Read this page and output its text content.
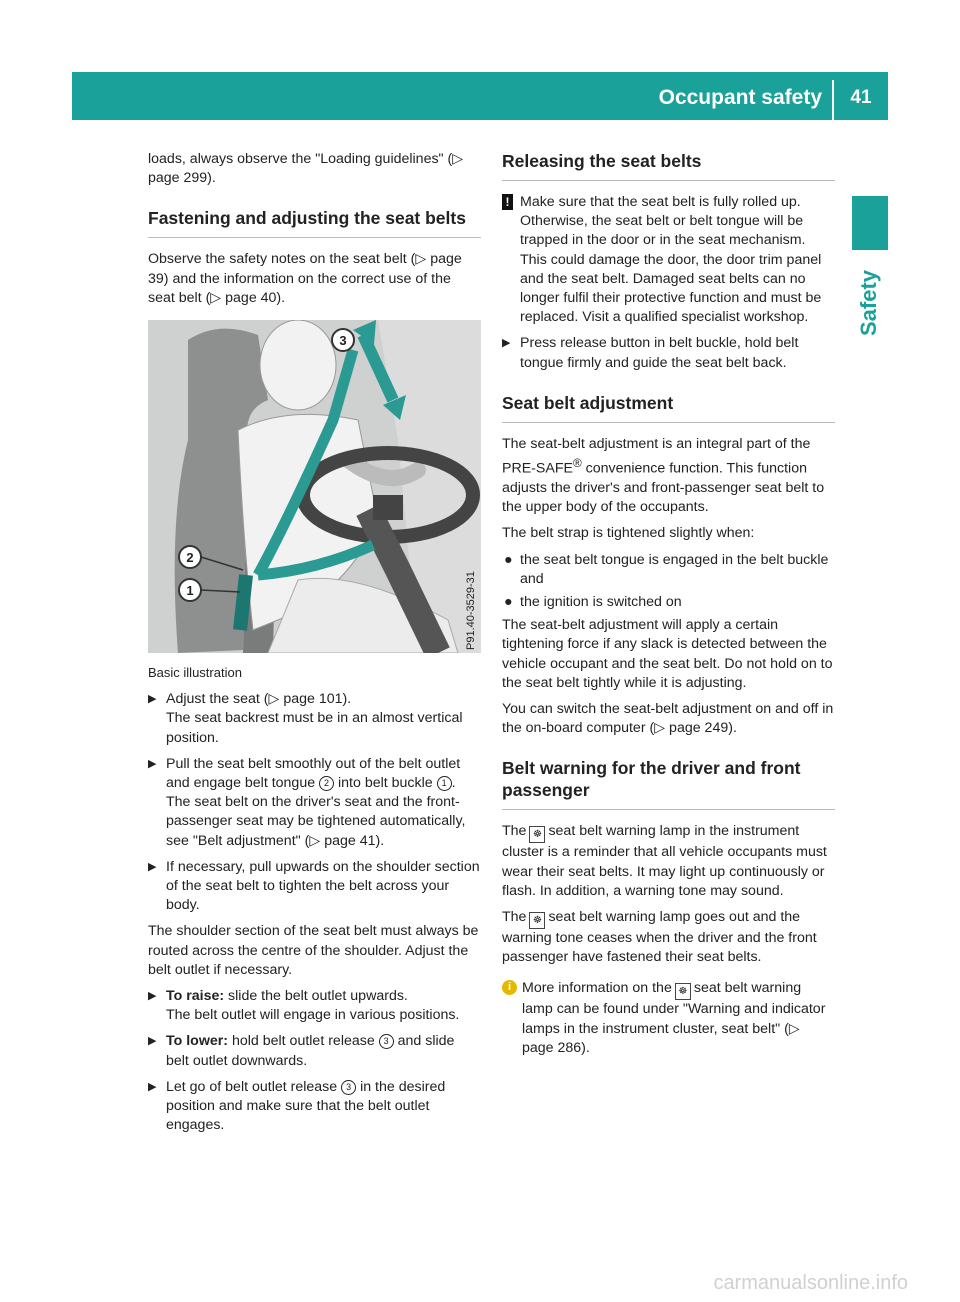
Occupant safety	41
Safety

loads, always observe the "Loading guidelines" (▷ page 299).

Fastening and adjusting the seat belts

Observe the safety notes on the seat belt (▷ page 39) and the information on the correct use of the seat belt (▷ page 40).

3
2
1	P91.40-3529-31
Basic illustration
▶ Adjust the seat (▷ page 101).
The seat backrest must be in an almost vertical position.
▶ Pull the seat belt smoothly out of the belt outlet and engage belt tongue 2 into belt buckle 1 .
The seat belt on the driver's seat and the front-passenger seat may be tightened automatically, see "Belt adjustment" (▷ page 41).
▶ If necessary, pull upwards on the shoulder section of the seat belt to tighten the belt across your body.

The shoulder section of the seat belt must always be routed across the centre of the shoulder. Adjust the belt outlet if necessary.

▶ To raise: slide the belt outlet upwards.
The belt outlet will engage in various positions.
▶ To lower: hold belt outlet release 3 and slide belt outlet downwards.
▶ Let go of belt outlet release 3 in the desired position and make sure that the belt outlet engages.
Releasing the seat belts
! Make sure that the seat belt is fully rolled up. Otherwise, the seat belt or belt tongue will be trapped in the door or in the seat mechanism. This could damage the door, the door trim panel and the seat belt. Damaged seat belts can no longer fulfil their protective function and must be replaced. Visit a qualified specialist workshop.
▶ Press release button in belt buckle, hold belt tongue firmly and guide the seat belt back.
Seat belt adjustment

The seat-belt adjustment is an integral part of the PRE-SAFE® convenience function. This function adjusts the driver's and front-passenger seat belt to the upper body of the occupants.

The belt strap is tightened slightly when:

● the seat belt tongue is engaged in the belt buckle and
● the ignition is switched on

The seat-belt adjustment will apply a certain tightening force if any slack is detected between the vehicle occupant and the seat belt. Do not hold on to the seat belt tightly while it is adjusting.

You can switch the seat-belt adjustment on and off in the on-board computer (▷ page 249).

Belt warning for the driver and front passenger

The ☸ seat belt warning lamp in the instrument cluster is a reminder that all vehicle occupants must wear their seat belts. It may light up continuously or flash. In addition, a warning tone may sound.

The ☸ seat belt warning lamp goes out and the warning tone ceases when the driver and the front passenger have fastened their seat belts.

i More information on the ☸ seat belt warning lamp can be found under "Warning and indicator lamps in the instrument cluster, seat belt" (▷ page 286).
carmanualsonline.info
